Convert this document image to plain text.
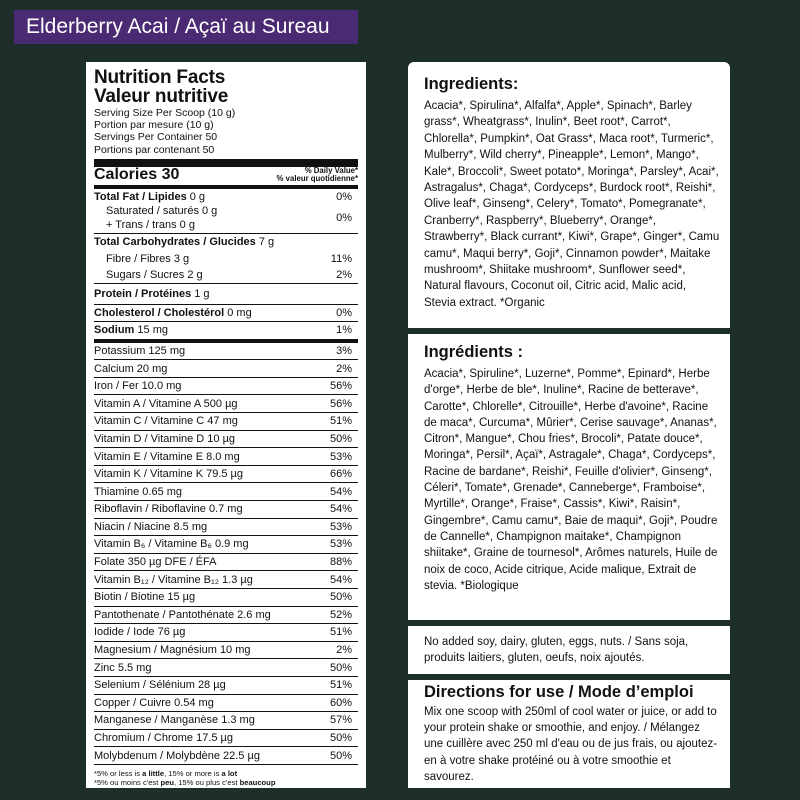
Elderberry Acai / Açaï au Sureau
Nutrition Facts
Valeur nutritive
Serving Size Per Scoop (10 g)
Portion par mesure (10 g)
Servings Per Container 50
Portions par contenant 50
Calories 30	% Daily Value*
% valeur quotidienne*
Total Fat / Lipides 0 g	0%
Saturated / saturés 0 g
+ Trans / trans 0 g
0%
Total Carbohydrates / Glucides 7 g
Fibre / Fibres 3 g	11%
Sugars / Sucres 2 g	2%
Protein / Protéines 1 g
Cholesterol / Cholestérol 0 mg	0%
Sodium 15 mg	1%
Potassium 125 mg	3%
Calcium 20 mg	2%
Iron / Fer 10.0 mg	56%
Vitamin A / Vitamine A 500 µg	56%
Vitamin C / Vitamine C 47 mg	51%
Vitamin D / Vitamine D 10 µg	50%
Vitamin E / Vitamine E 8.0 mg	53%
Vitamin K / Vitamine K 79.5 µg	66%
Thiamine 0.65 mg	54%
Riboflavin / Riboflavine 0.7 mg	54%
Niacin / Niacine 8.5 mg	53%
Vitamin B₆ / Vitamine B₆ 0.9 mg	53%
Folate 350 µg DFE / ÉFA	88%
Vitamin B₁₂ / Vitamine B₁₂ 1.3 µg	54%
Biotin / Biotine 15 µg	50%
Pantothenate / Pantothénate 2.6 mg	52%
Iodide / Iode 76 µg	51%
Magnesium / Magnésium 10 mg	2%
Zinc 5.5 mg	50%
Selenium / Sélénium 28 µg	51%
Copper / Cuivre 0.54 mg	60%
Manganese / Manganèse 1.3 mg	57%
Chromium / Chrome 17.5 µg	50%
Molybdenum / Molybdène 22.5 µg	50%
*5% or less is a little, 15% or more is a lot
*5% ou moins c'est peu, 15% ou plus c'est beaucoup
Ingredients:
Acacia*, Spirulina*, Alfalfa*, Apple*, Spinach*, Barley grass*, Wheatgrass*, Inulin*, Beet root*, Carrot*, Chlorella*, Pumpkin*, Oat Grass*, Maca root*, Turmeric*, Mulberry*, Wild cherry*, Pineapple*, Lemon*, Mango*, Kale*, Broccoli*, Sweet potato*, Moringa*, Parsley*, Acai*, Astragalus*, Chaga*, Cordyceps*, Burdock root*, Reishi*, Olive leaf*, Ginseng*, Celery*, Tomato*, Pomegranate*, Cranberry*, Raspberry*, Blueberry*, Orange*, Strawberry*, Black currant*, Kiwi*, Grape*, Ginger*, Camu camu*, Maqui berry*, Goji*, Cinnamon powder*, Maitake mushroom*, Shiitake mushroom*, Sunflower seed*, Natural flavours, Coconut oil, Citric acid, Malic acid, Stevia extract. *Organic
Ingrédients :
Acacia*, Spiruline*, Luzerne*, Pomme*, Epinard*, Herbe d'orge*, Herbe de ble*, Inuline*, Racine de betterave*, Carotte*, Chlorelle*, Citrouille*, Herbe d'avoine*, Racine de maca*, Curcuma*, Mûrier*, Cerise sauvage*, Ananas*, Citron*, Mangue*, Chou fries*, Brocoli*, Patate douce*, Moringa*, Persil*, Açaï*, Astragale*, Chaga*, Cordyceps*, Racine de bardane*, Reishi*, Feuille d'olivier*, Ginseng*, Céleri*, Tomate*, Grenade*, Canneberge*, Framboise*, Myrtille*, Orange*, Fraise*, Cassis*, Kiwi*, Raisin*, Gingembre*, Camu camu*, Baie de maqui*, Goji*, Poudre de Cannelle*, Champignon maitake*, Champignon shiitake*, Graine de tournesol*, Arômes naturels, Huile de noix de coco, Acide citrique, Acide malique, Extrait de stevia. *Biologique
No added soy, dairy, gluten, eggs, nuts. / Sans soja, produits laitiers, gluten, oeufs, noix ajoutés.
Directions for use / Mode d’emploi
Mix one scoop with 250ml of cool water or juice, or add to your protein shake or smoothie, and enjoy. / Mélangez une cuillère avec 250 ml d'eau ou de jus frais, ou ajoutez-en à votre shake protéiné ou à votre smoothie et savourez.
